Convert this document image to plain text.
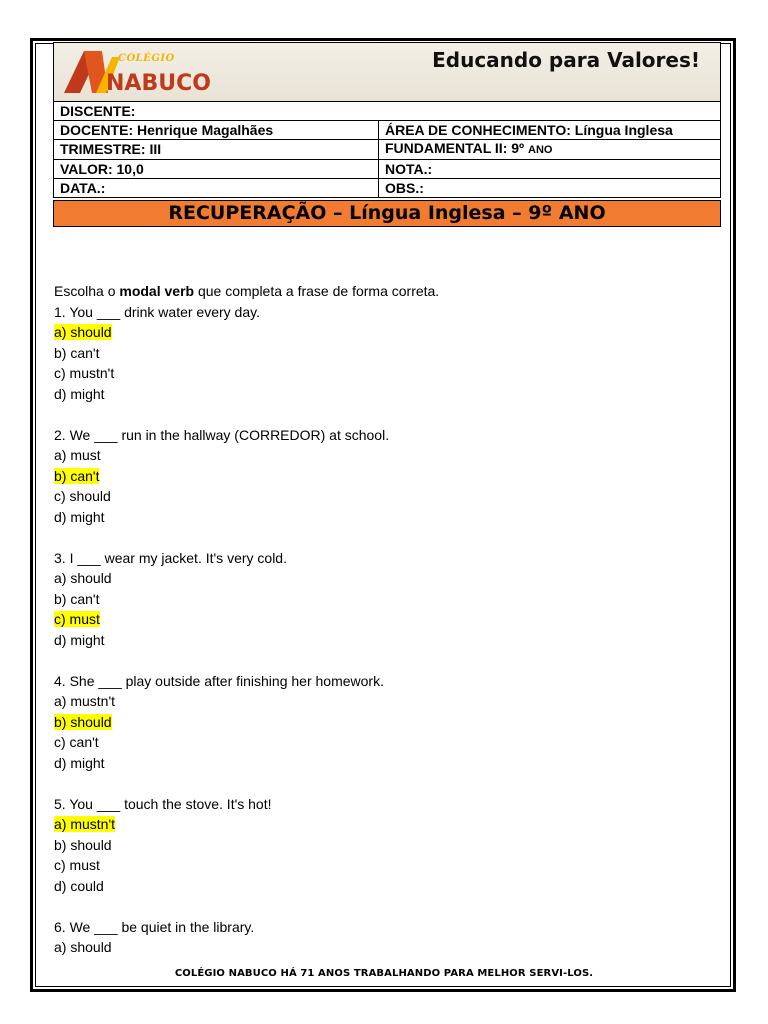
COLÉGIO
NABUCO
Educando para Valores!
DISCENTE:	
DOCENTE: Henrique Magalhães	ÁREA DE CONHECIMENTO: Língua Inglesa
TRIMESTRE: III	FUNDAMENTAL II: 9º ANO
VALOR: 10,0	NOTA.:
DATA.:	OBS.:
RECUPERAÇÃO – Língua Inglesa – 9º ANO
Escolha o modal verb que completa a frase de forma correta.
1. You ___ drink water every day.
a) should
b) can't
c) mustn't
d) might
2. We ___ run in the hallway (CORREDOR) at school.
a) must
b) can't
c) should
d) might
3. I ___ wear my jacket. It's very cold.
a) should
b) can't
c) must
d) might
4. She ___ play outside after finishing her homework.
a) mustn't
b) should
c) can't
d) might
5. You ___ touch the stove. It's hot!
a) mustn't
b) should
c) must
d) could
6. We ___ be quiet in the library.
a) should
COLÉGIO NABUCO HÁ 71 ANOS TRABALHANDO PARA MELHOR SERVI-LOS.
